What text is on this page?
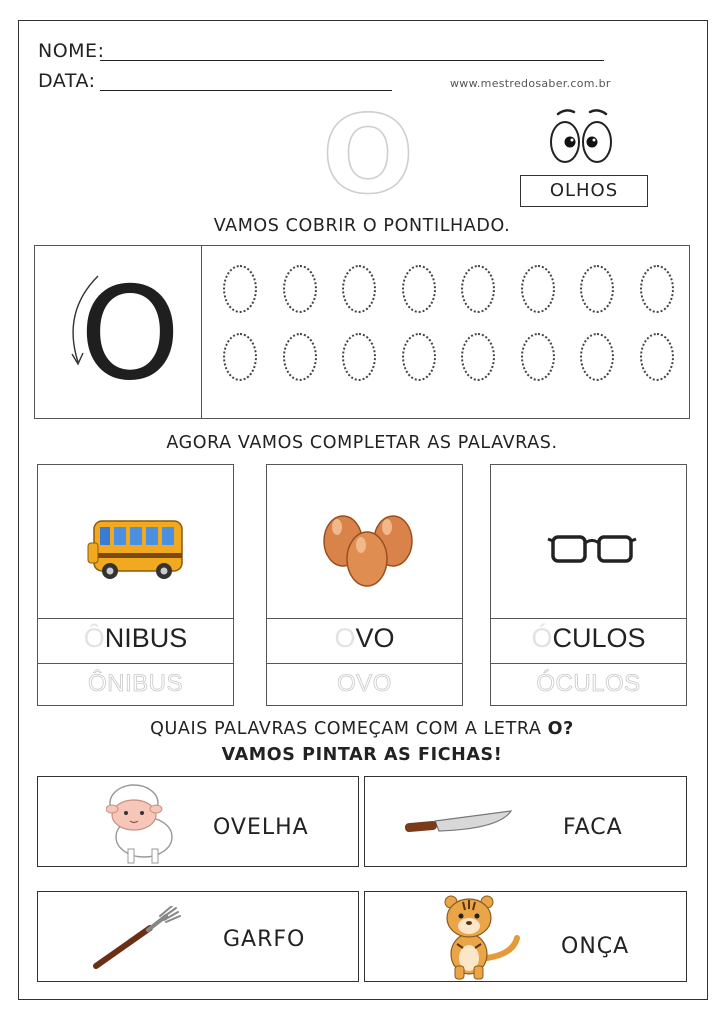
NOME:
DATA:	www.mestredosaber.com.br
O	OLHOS
VAMOS COBRIR O PONTILHADO.
O
AGORA VAMOS COMPLETAR AS PALAVRAS.
ÔNIBUS
ÔNIBUS
OVO
OVO
ÓCULOS
ÓCULOS
QUAIS PALAVRAS COMEÇAM COM A LETRA O?
VAMOS PINTAR AS FICHAS!
OVELHA	FACA
GARFO	ONÇA
